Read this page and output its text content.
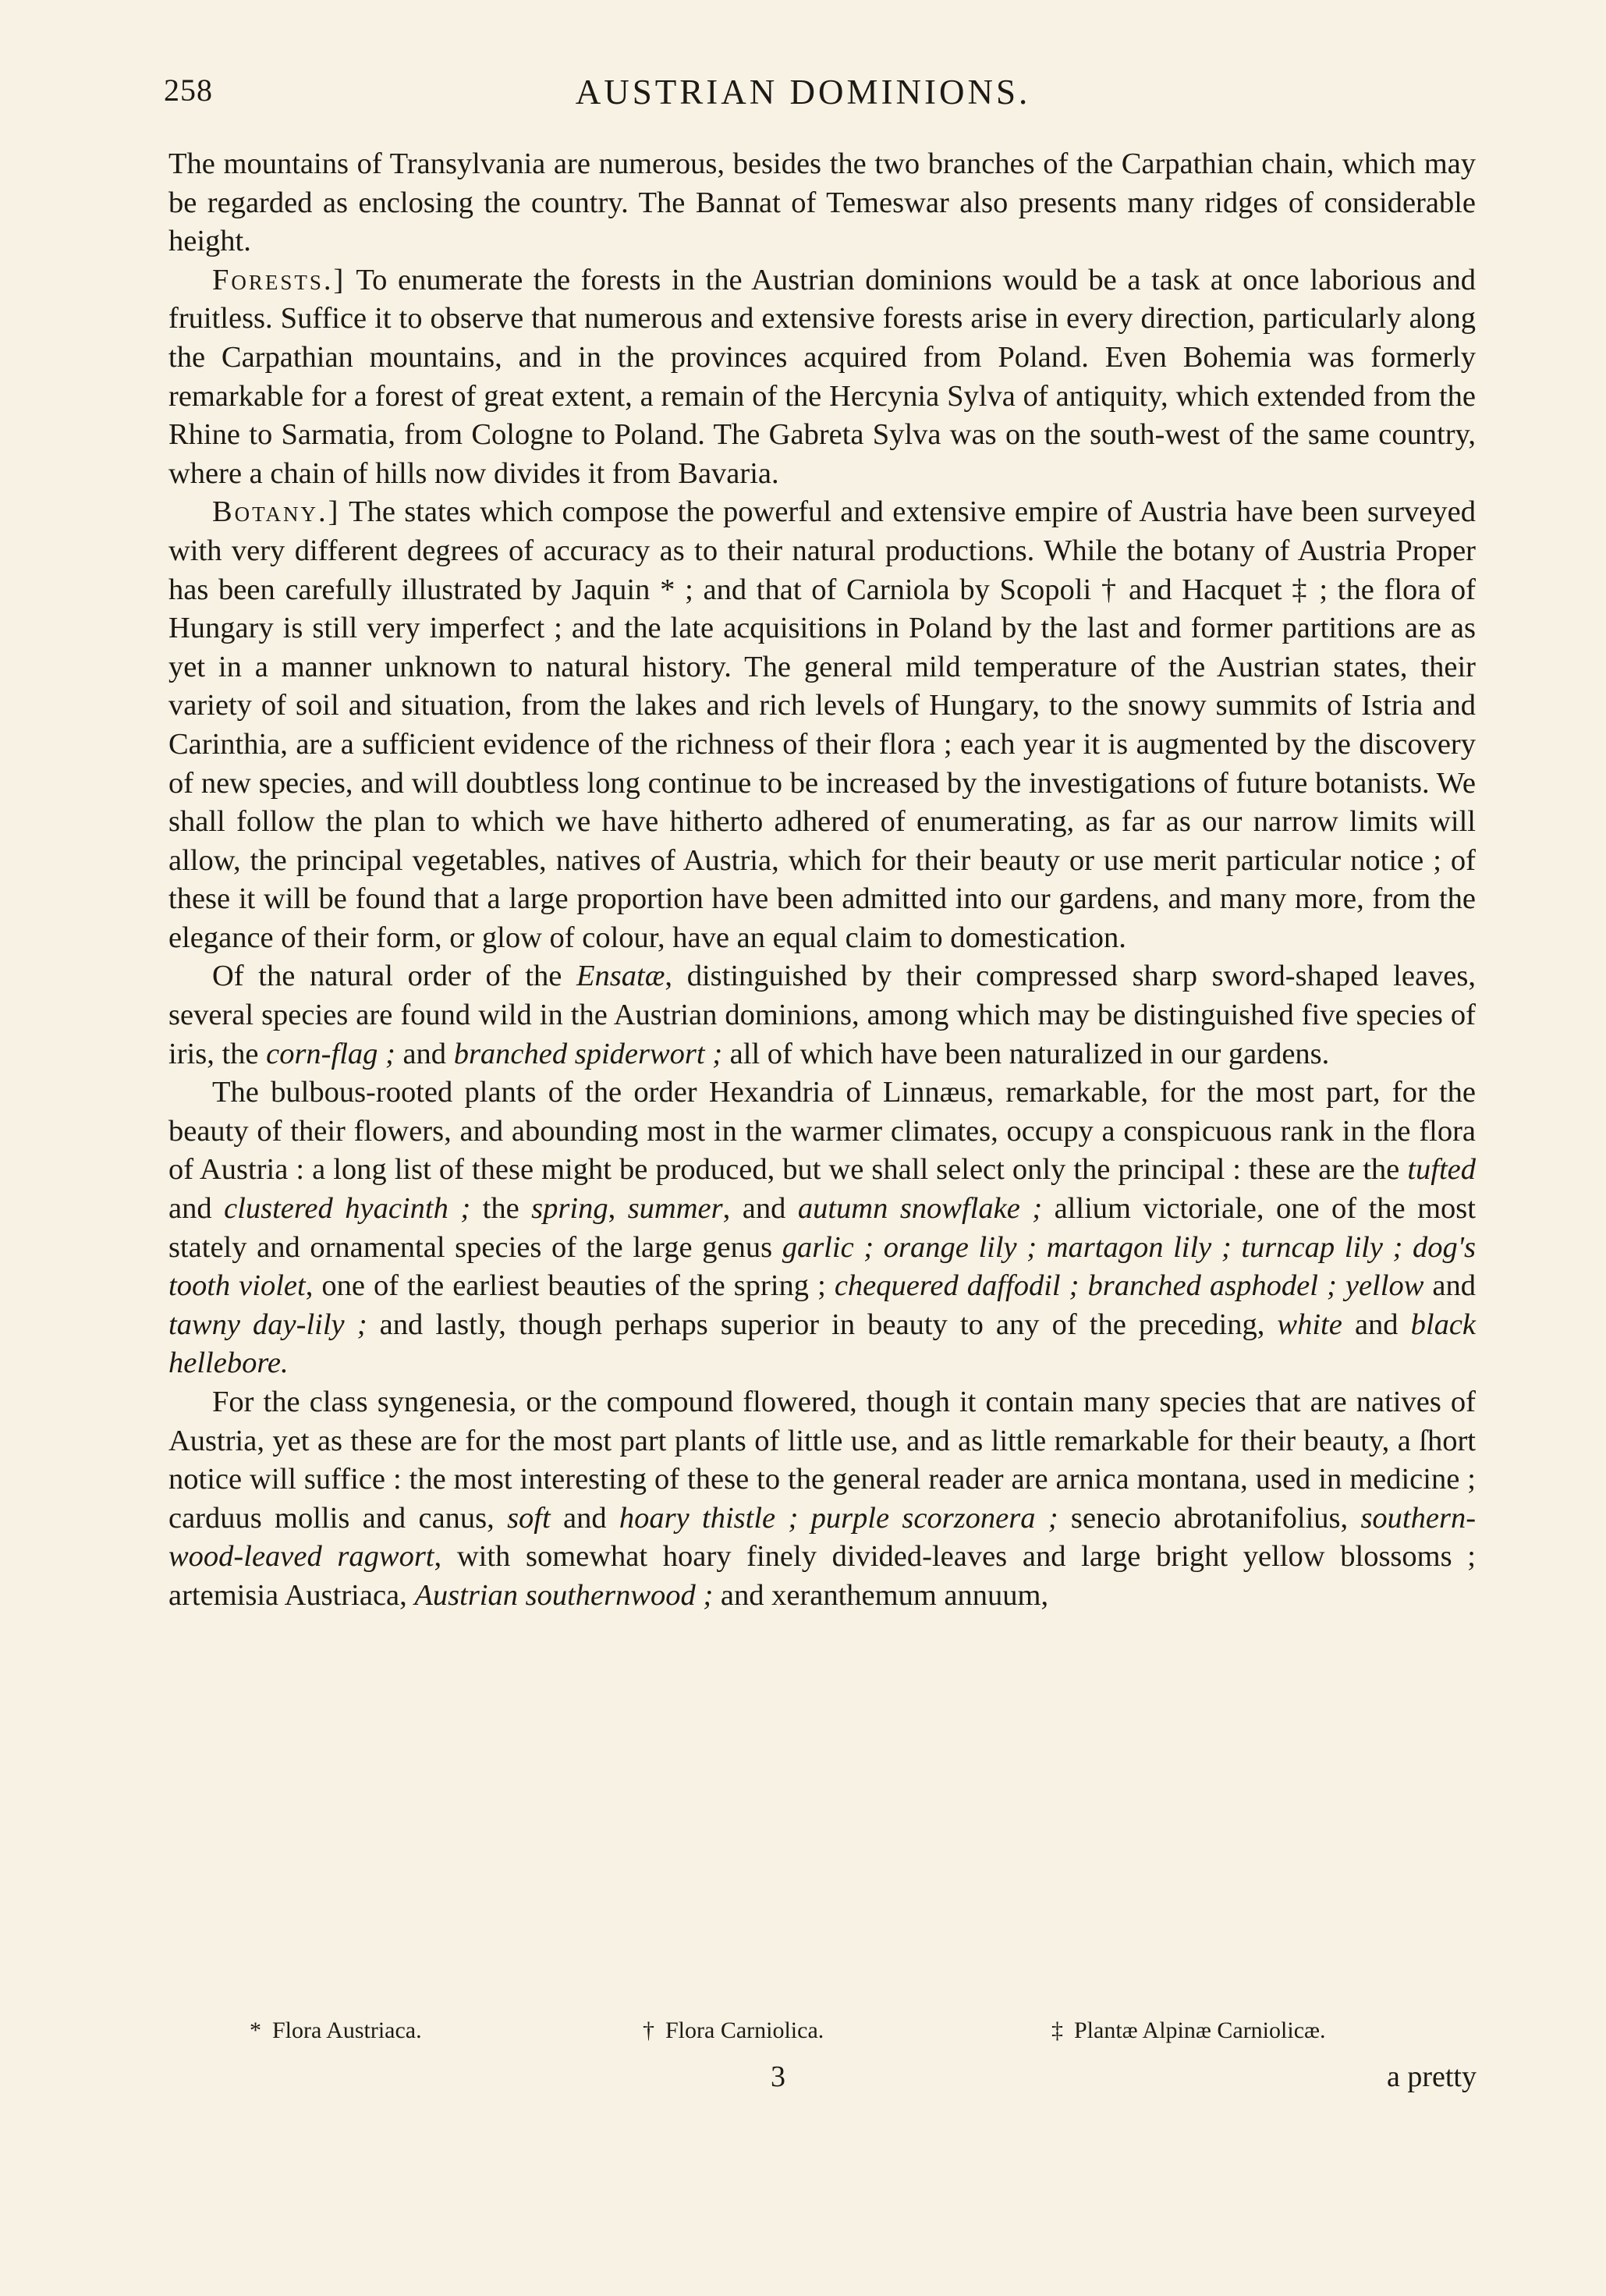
258	AUSTRIAN DOMINIONS.

The mountains of Transylvania are numerous, besides the two branches of the Carpathian chain, which may be regarded as enclosing the country. The Bannat of Temeswar also presents many ridges of considerable height.

Forests.] To enumerate the forests in the Austrian dominions would be a task at once laborious and fruitless. Suffice it to observe that numerous and extensive forests arise in every direction, particularly along the Carpathian mountains, and in the provinces acquired from Poland. Even Bohemia was formerly remarkable for a forest of great extent, a remain of the Hercynia Sylva of antiquity, which extended from the Rhine to Sarmatia, from Cologne to Poland. The Gabreta Sylva was on the south-west of the same country, where a chain of hills now divides it from Bavaria.

Botany.] The states which compose the powerful and extensive empire of Austria have been surveyed with very different degrees of accuracy as to their natural productions. While the botany of Austria Proper has been carefully illustrated by Jaquin * ; and that of Carniola by Scopoli † and Hacquet ‡ ; the flora of Hungary is still very imperfect ; and the late acquisitions in Poland by the last and former partitions are as yet in a manner unknown to natural history. The general mild temperature of the Austrian states, their variety of soil and situation, from the lakes and rich levels of Hungary, to the snowy summits of Istria and Carinthia, are a sufficient evidence of the richness of their flora ; each year it is augmented by the discovery of new species, and will doubtless long continue to be increased by the investigations of future botanists. We shall follow the plan to which we have hitherto adhered of enumerating, as far as our narrow limits will allow, the principal vegetables, natives of Austria, which for their beauty or use merit particular notice ; of these it will be found that a large proportion have been admitted into our gardens, and many more, from the elegance of their form, or glow of colour, have an equal claim to domestication.

Of the natural order of the Ensatæ, distinguished by their compressed sharp sword-shaped leaves, several species are found wild in the Austrian dominions, among which may be distinguished five species of iris, the corn-flag ; and branched spiderwort ; all of which have been naturalized in our gardens.

The bulbous-rooted plants of the order Hexandria of Linnæus, remarkable, for the most part, for the beauty of their flowers, and abounding most in the warmer climates, occupy a conspicuous rank in the flora of Austria : a long list of these might be produced, but we shall select only the principal : these are the tufted and clustered hyacinth ; the spring, summer, and autumn snowflake ; allium victoriale, one of the most stately and ornamental species of the large genus garlic ; orange lily ; martagon lily ; turncap lily ; dog's tooth violet, one of the earliest beauties of the spring ; chequered daffodil ; branched asphodel ; yellow and tawny day-lily ; and lastly, though perhaps superior in beauty to any of the preceding, white and black hellebore.

For the class syngenesia, or the compound flowered, though it contain many species that are natives of Austria, yet as these are for the most part plants of little use, and as little remarkable for their beauty, a ſhort notice will suffice : the most interesting of these to the general reader are arnica montana, used in medicine ; carduus mollis and canus, soft and hoary thistle ; purple scorzonera ; senecio abrotanifolius, southern-wood-leaved ragwort, with somewhat hoary finely divided-leaves and large bright yellow blossoms ; artemisia Austriaca, Austrian southernwood ; and xeranthemum annuum,

* Flora Austriaca.	† Flora Carniolica.	‡ Plantæ Alpinæ Carniolicæ.
3	a pretty
